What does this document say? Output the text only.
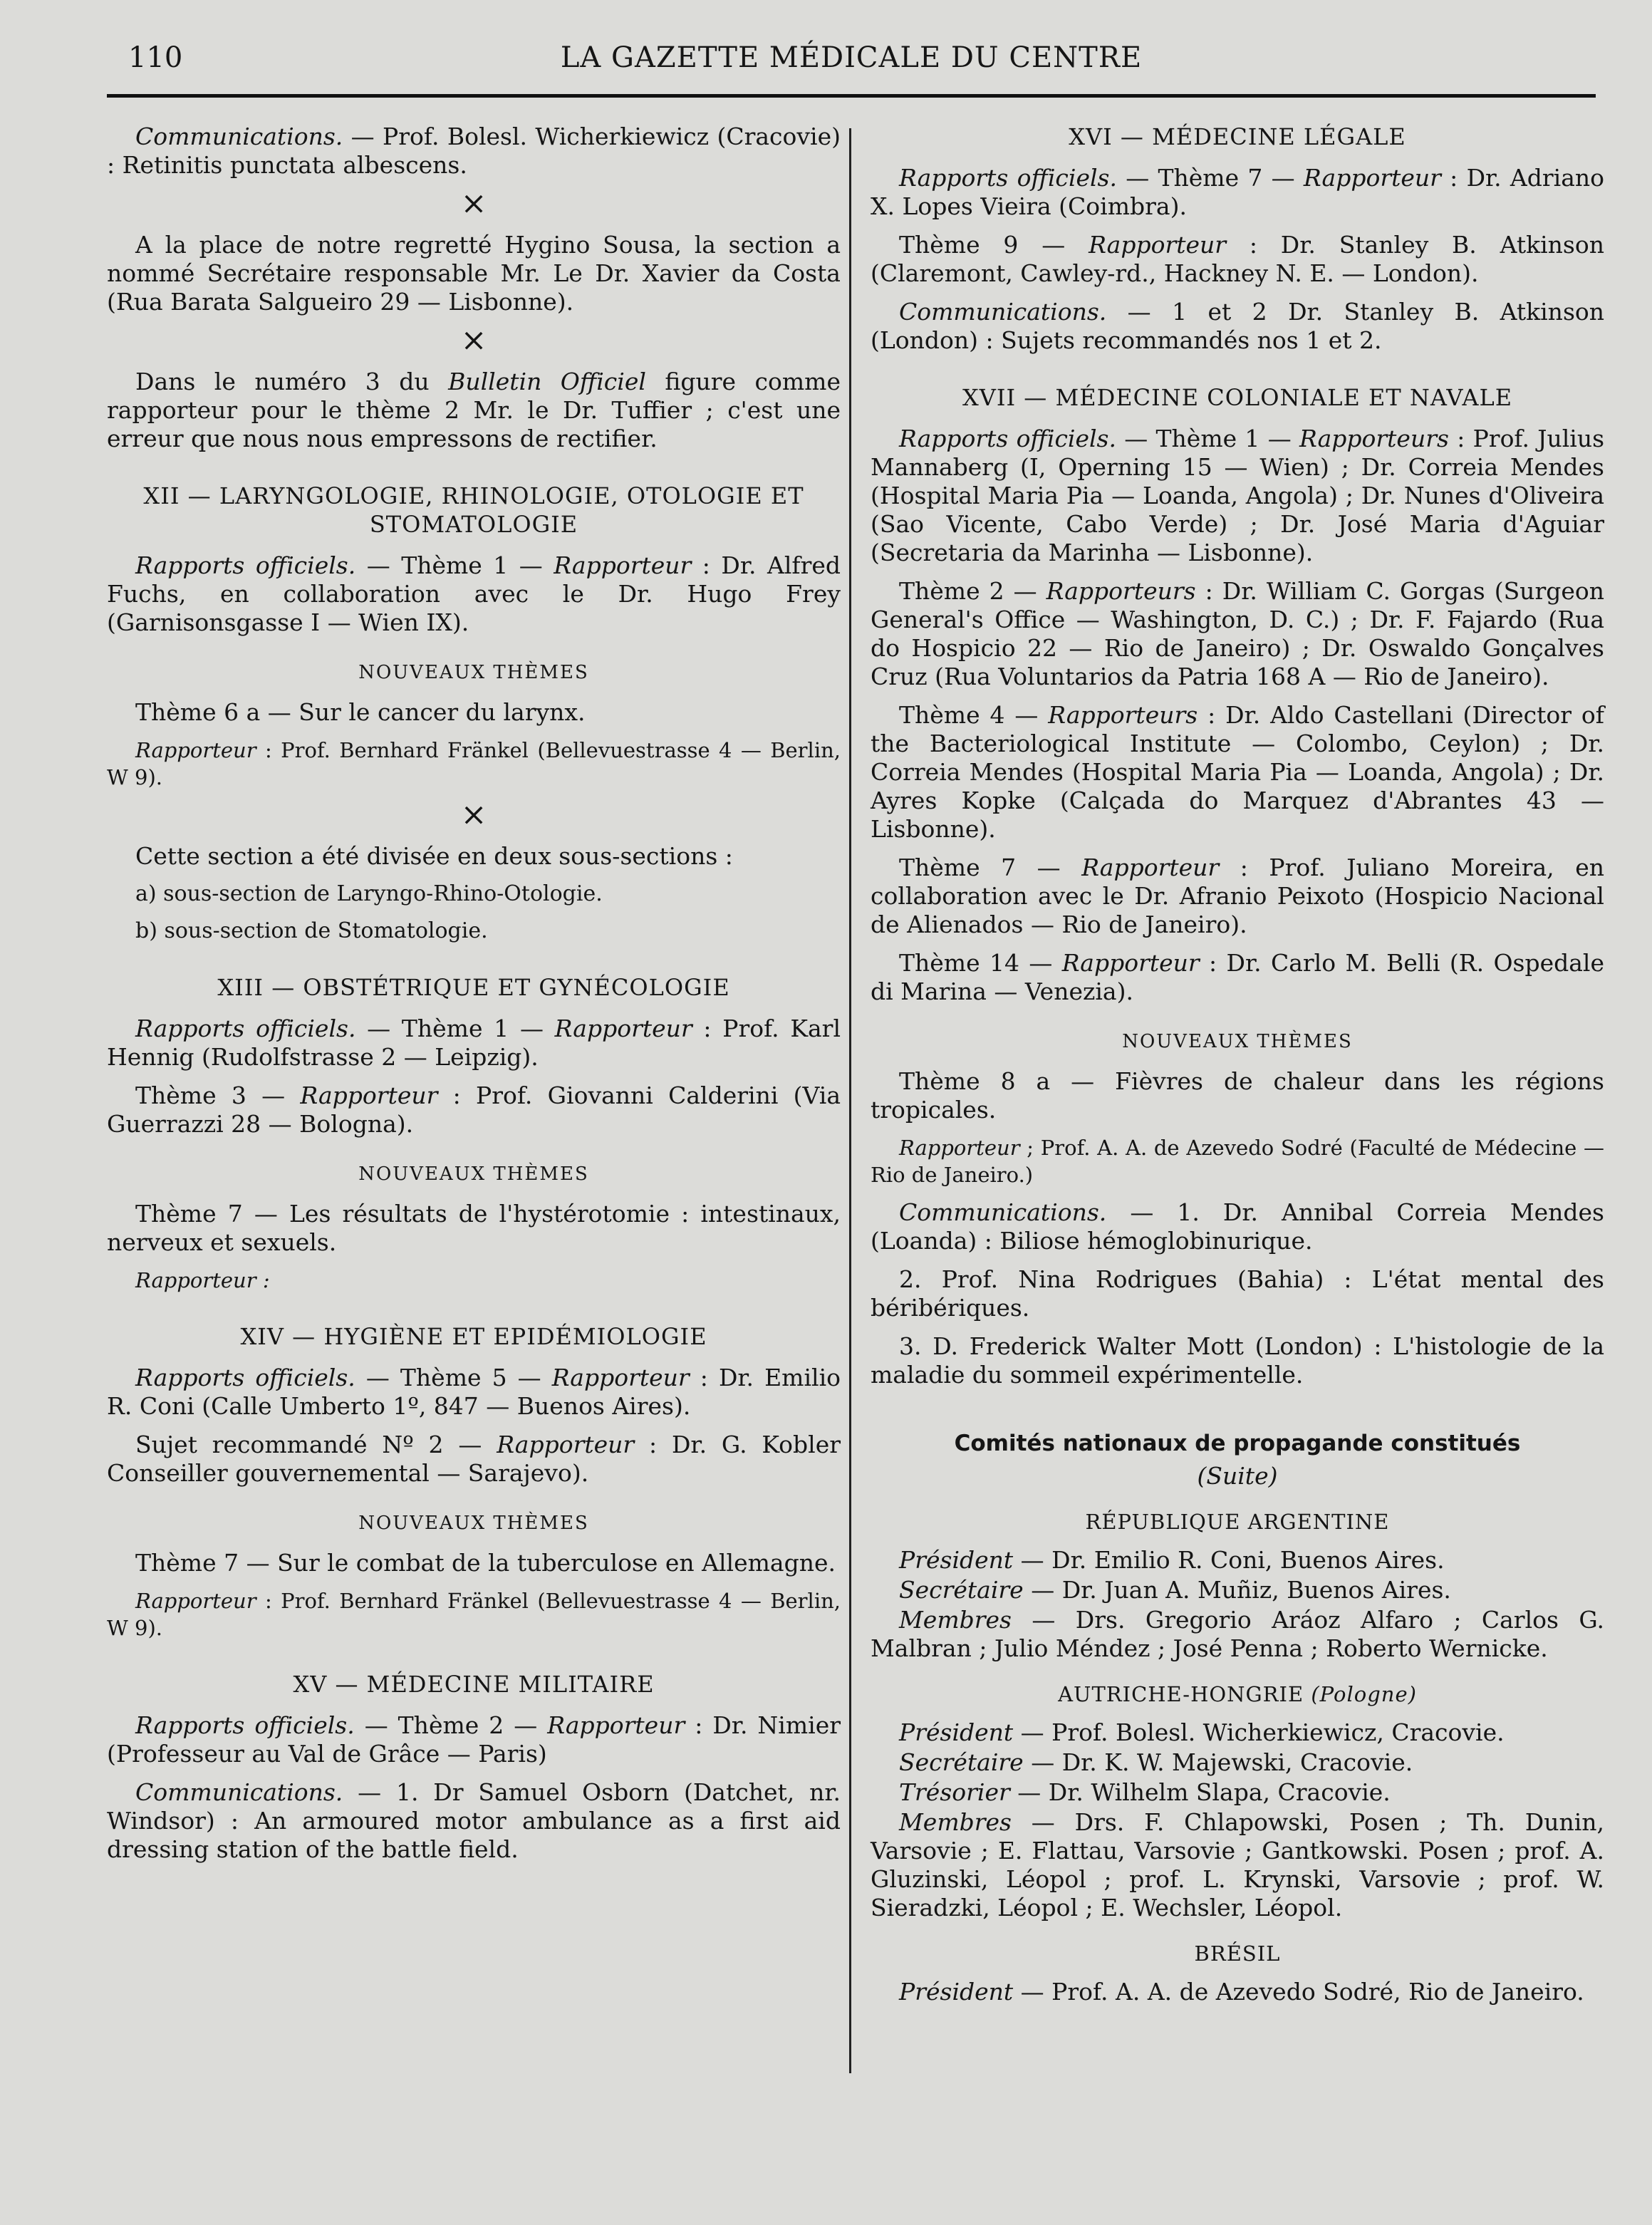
110	LA GAZETTE MÉDICALE DU CENTRE

Communications. — Prof. Bolesl. Wicherkiewicz (Cracovie) : Retinitis punctata albescens.

×

A la place de notre regretté Hygino Sousa, la section a nommé Secrétaire responsable Mr. Le Dr. Xavier da Costa (Rua Barata Salgueiro 29 — Lisbonne).

×

Dans le numéro 3 du Bulletin Officiel figure comme rapporteur pour le thème 2 Mr. le Dr. Tuffier ; c'est une erreur que nous nous empressons de rectifier.

XII — LARYNGOLOGIE, RHINOLOGIE, OTOLOGIE ET
STOMATOLOGIE

Rapports officiels. — Thème 1 — Rapporteur : Dr. Alfred Fuchs, en collaboration avec le Dr. Hugo Frey (Garnisonsgasse I — Wien IX).

NOUVEAUX THÈMES

Thème 6 a — Sur le cancer du larynx.

Rapporteur : Prof. Bernhard Fränkel (Bellevuestrasse 4 — Berlin, W 9).

×

Cette section a été divisée en deux sous-sections :

a) sous-section de Laryngo-Rhino-Otologie.
b) sous-section de Stomatologie.
XIII — OBSTÉTRIQUE ET GYNÉCOLOGIE

Rapports officiels. — Thème 1 — Rapporteur : Prof. Karl Hennig (Rudolfstrasse 2 — Leipzig).

Thème 3 — Rapporteur : Prof. Giovanni Calderini (Via Guerrazzi 28 — Bologna).

NOUVEAUX THÈMES

Thème 7 — Les résultats de l'hystérotomie : intestinaux, nerveux et sexuels.

Rapporteur :

XIV — HYGIÈNE ET EPIDÉMIOLOGIE

Rapports officiels. — Thème 5 — Rapporteur : Dr. Emilio R. Coni (Calle Umberto 1º, 847 — Buenos Aires).

Sujet recommandé Nº 2 — Rapporteur : Dr. G. Kobler Conseiller gouvernemental — Sarajevo).

NOUVEAUX THÈMES

Thème 7 — Sur le combat de la tuberculose en Allemagne.

Rapporteur : Prof. Bernhard Fränkel (Bellevuestrasse 4 — Berlin, W 9).

XV — MÉDECINE MILITAIRE

Rapports officiels. — Thème 2 — Rapporteur : Dr. Nimier (Professeur au Val de Grâce — Paris)

Communications. — 1. Dr Samuel Osborn (Datchet, nr. Windsor) : An armoured motor ambulance as a first aid dressing station of the battle field.

XVI — MÉDECINE LÉGALE

Rapports officiels. — Thème 7 — Rapporteur : Dr. Adriano X. Lopes Vieira (Coimbra).

Thème 9 — Rapporteur : Dr. Stanley B. Atkinson (Claremont, Cawley-rd., Hackney N. E. — London).

Communications. — 1 et 2 Dr. Stanley B. Atkinson (London) : Sujets recommandés nos 1 et 2.

XVII — MÉDECINE COLONIALE ET NAVALE

Rapports officiels. — Thème 1 — Rapporteurs : Prof. Julius Mannaberg (I, Operning 15 — Wien) ; Dr. Correia Mendes (Hospital Maria Pia — Loanda, Angola) ; Dr. Nunes d'Oliveira (Sao Vicente, Cabo Verde) ; Dr. José Maria d'Aguiar (Secretaria da Marinha — Lisbonne).

Thème 2 — Rapporteurs : Dr. William C. Gorgas (Surgeon General's Office — Washington, D. C.) ; Dr. F. Fajardo (Rua do Hospicio 22 — Rio de Janeiro) ; Dr. Oswaldo Gonçalves Cruz (Rua Voluntarios da Patria 168 A — Rio de Janeiro).

Thème 4 — Rapporteurs : Dr. Aldo Castellani (Director of the Bacteriological Institute — Colombo, Ceylon) ; Dr. Correia Mendes (Hospital Maria Pia — Loanda, Angola) ; Dr. Ayres Kopke (Calçada do Marquez d'Abrantes 43 — Lisbonne).

Thème 7 — Rapporteur : Prof. Juliano Moreira, en collaboration avec le Dr. Afranio Peixoto (Hospicio Nacional de Alienados — Rio de Janeiro).

Thème 14 — Rapporteur : Dr. Carlo M. Belli (R. Ospedale di Marina — Venezia).

NOUVEAUX THÈMES

Thème 8 a — Fièvres de chaleur dans les régions tropicales.

Rapporteur ; Prof. A. A. de Azevedo Sodré (Faculté de Médecine — Rio de Janeiro.)

Communications. — 1. Dr. Annibal Correia Mendes (Loanda) : Biliose hémoglobinurique.

2. Prof. Nina Rodrigues (Bahia) : L'état mental des béribériques.

3. D. Frederick Walter Mott (London) : L'histologie de la maladie du sommeil expérimentelle.

Comités nationaux de propagande constitués
(Suite)
RÉPUBLIQUE ARGENTINE

Président — Dr. Emilio R. Coni, Buenos Aires.

Secrétaire — Dr. Juan A. Muñiz, Buenos Aires.

Membres — Drs. Gregorio Aráoz Alfaro ; Carlos G. Malbran ; Julio Méndez ; José Penna ; Roberto Wernicke.

AUTRICHE-HONGRIE (Pologne)

Président — Prof. Bolesl. Wicherkiewicz, Cracovie.

Secrétaire — Dr. K. W. Majewski, Cracovie.

Trésorier — Dr. Wilhelm Slapa, Cracovie.

Membres — Drs. F. Chlapowski, Posen ; Th. Dunin, Varsovie ; E. Flattau, Varsovie ; Gantkowski. Posen ; prof. A. Gluzinski, Léopol ; prof. L. Krynski, Varsovie ; prof. W. Sieradzki, Léopol ; E. Wechsler, Léopol.

BRÉSIL

Président — Prof. A. A. de Azevedo Sodré, Rio de Janeiro.
